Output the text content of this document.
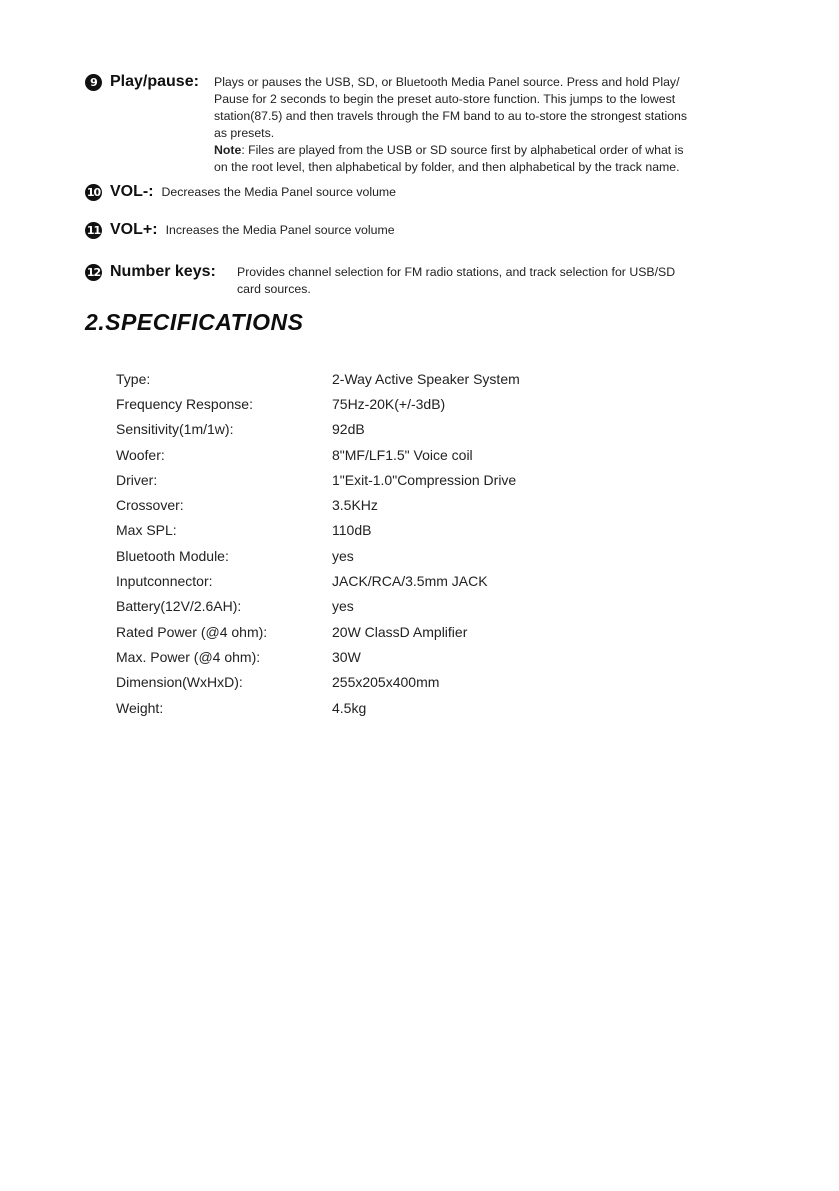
9 Play/pause: Plays or pauses the USB, SD, or Bluetooth Media Panel source. Press and hold Play/
Pause for 2 seconds to begin the preset auto-store function. This jumps to the lowest
station(87.5) and then travels through the FM band to au to-store the strongest stations
as presets.
Note: Files are played from the USB or SD source first by alphabetical order of what is
on the root level, then alphabetical by folder, and then alphabetical by the track name.
10 VOL-: Decreases the Media Panel source volume
11 VOL+: Increases the Media Panel source volume
12 Number keys: Provides channel selection for FM radio stations, and track selection for USB/SD
card sources.
2.SPECIFICATIONS
Type:	2-Way Active Speaker System
Frequency Response:	75Hz-20K(+/-3dB)
Sensitivity(1m/1w):	92dB
Woofer:	8"MF/LF1.5" Voice coil
Driver:	1"Exit-1.0"Compression Drive
Crossover:	3.5KHz
Max SPL:	110dB
Bluetooth Module:	yes
Inputconnector:	JACK/RCA/3.5mm JACK
Battery(12V/2.6AH):	yes
Rated Power (@4 ohm):	20W ClassD Amplifier
Max. Power (@4 ohm):	30W
Dimension(WxHxD):	255x205x400mm
Weight:	4.5kg
